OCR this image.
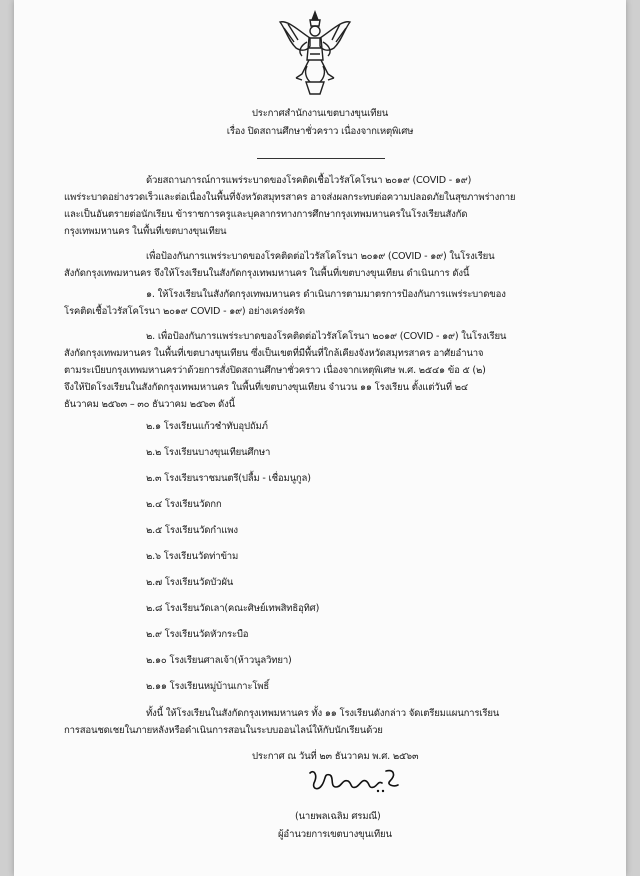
ประกาศสำนักงานเขตบางขุนเทียน
เรื่อง ปิดสถานศึกษาชั่วคราว เนื่องจากเหตุพิเศษ
ด้วยสถานการณ์การแพร่ระบาดของโรคติดเชื้อไวรัสโคโรนา ๒๐๑๙ (COVID - ๑๙)
แพร่ระบาดอย่างรวดเร็วและต่อเนื่องในพื้นที่จังหวัดสมุทรสาคร อาจส่งผลกระทบต่อความปลอดภัยในสุขภาพร่างกาย
และเป็นอันตรายต่อนักเรียน ข้าราชการครูและบุคลากรทางการศึกษากรุงเทพมหานครในโรงเรียนสังกัด
กรุงเทพมหานคร ในพื้นที่เขตบางขุนเทียน
เพื่อป้องกันการแพร่ระบาดของโรคติดต่อไวรัสโคโรนา ๒๐๑๙ (COVID - ๑๙) ในโรงเรียน
สังกัดกรุงเทพมหานคร จึงให้โรงเรียนในสังกัดกรุงเทพมหานคร ในพื้นที่เขตบางขุนเทียน ดำเนินการ ดังนี้
๑. ให้โรงเรียนในสังกัดกรุงเทพมหานคร ดำเนินการตามมาตรการป้องกันการแพร่ระบาดของ
โรคติดเชื้อไวรัสโคโรนา ๒๐๑๙ COVID - ๑๙) อย่างเคร่งครัด
๒. เพื่อป้องกันการแพร่ระบาดของโรคติดต่อไวรัสโคโรนา ๒๐๑๙ (COVID - ๑๙) ในโรงเรียน
สังกัดกรุงเทพมหานคร ในพื้นที่เขตบางขุนเทียน ซึ่งเป็นเขตที่มีพื้นที่ใกล้เคียงจังหวัดสมุทรสาคร อาศัยอำนาจ
ตามระเบียบกรุงเทพมหานครว่าด้วยการสั่งปิดสถานศึกษาชั่วคราว เนื่องจากเหตุพิเศษ พ.ศ. ๒๕๔๑ ข้อ ๕ (๒)
จึงให้ปิดโรงเรียนในสังกัดกรุงเทพมหานคร ในพื้นที่เขตบางขุนเทียน จำนวน ๑๑ โรงเรียน ตั้งแต่วันที่ ๒๔
ธันวาคม ๒๕๖๓ – ๓๐ ธันวาคม ๒๕๖๓ ดังนี้
๒.๑ โรงเรียนแก้วชำทับอุปถัมภ์
๒.๒ โรงเรียนบางขุนเทียนศึกษา
๒.๓ โรงเรียนราชมนตรี(ปลื้ม - เชื่อมนูกูล)
๒.๔ โรงเรียนวัดกก
๒.๕ โรงเรียนวัดกำแพง
๒.๖ โรงเรียนวัดท่าข้าม
๒.๗ โรงเรียนวัดบัวผัน
๒.๘ โรงเรียนวัดเลา(คณะศิษย์เทพสิทธิอุทิศ)
๒.๙ โรงเรียนวัดหัวกระบือ
๒.๑๐ โรงเรียนศาลเจ้า(ห้าวนูลวิทยา)
๒.๑๑ โรงเรียนหมู่บ้านเกาะโพธิ์
ทั้งนี้ ให้โรงเรียนในสังกัดกรุงเทพมหานคร ทั้ง ๑๑ โรงเรียนดังกล่าว จัดเตรียมแผนการเรียน
การสอนชดเชยในภายหลังหรือดำเนินการสอนในระบบออนไลน์ให้กับนักเรียนด้วย
ประกาศ ณ วันที่ ๒๓ ธันวาคม พ.ศ. ๒๕๖๓
(นายพลเฉลิม ศรมณี)
ผู้อำนวยการเขตบางขุนเทียน
